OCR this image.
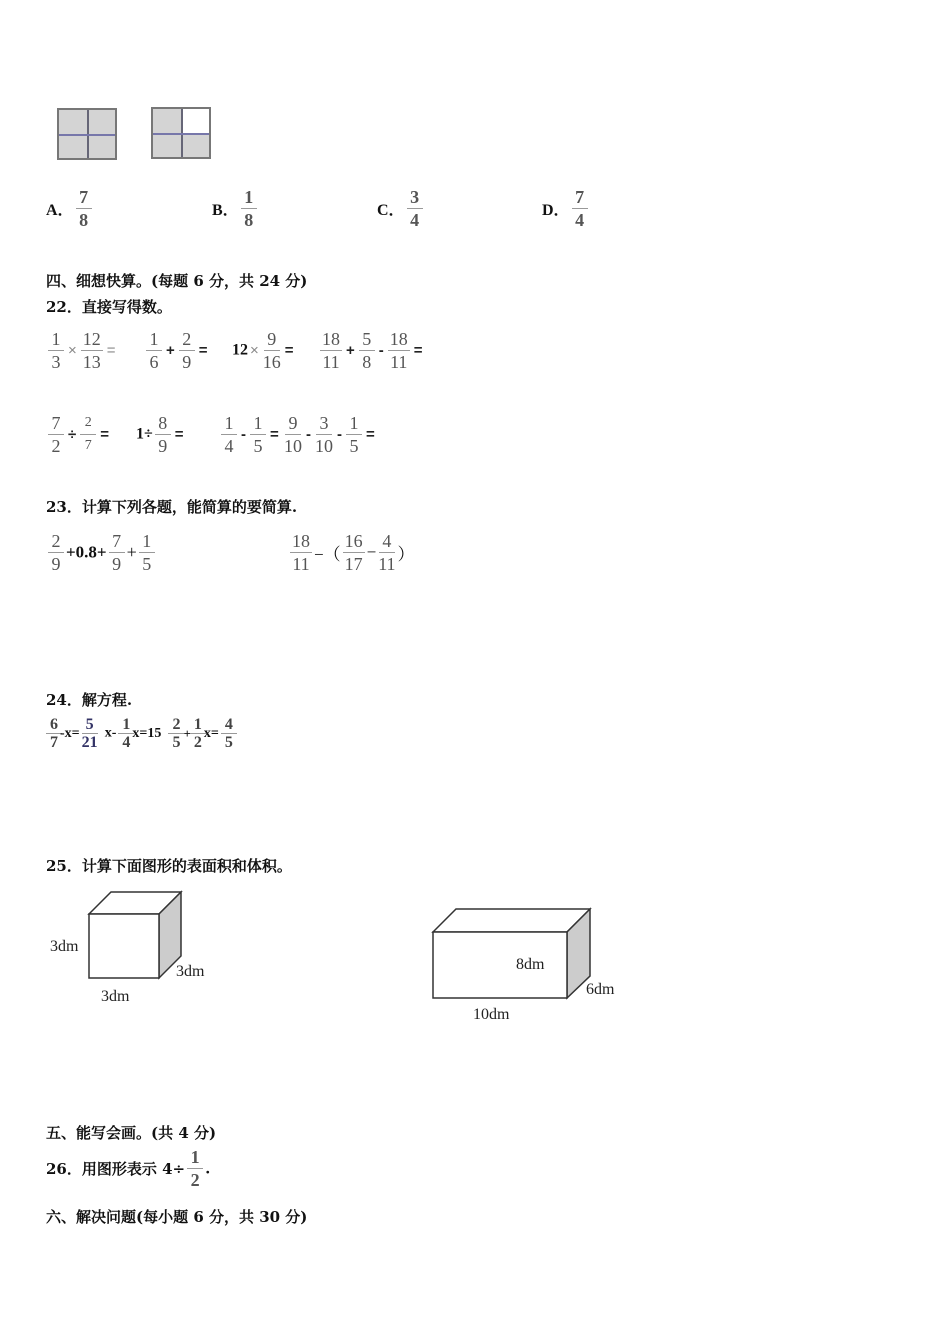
A． $\frac{7}{8}$	B． $\frac{1}{8}$	C． $\frac{3}{4}$	D． $\frac{7}{4}$
四、细想快算。(每题 6 分，共 24 分)
22．直接写得数。
$\frac{1}{3} \times \frac{12}{13} = \frac{1}{6} + \frac{2}{9} = 12 \times \frac{9}{16} = \frac{18}{11} + \frac{5}{8} - \frac{18}{11}$ =
$\frac{7}{2} \div \frac{2}{7} = 1\div \frac{8}{9} = \frac{1}{4} - \frac{1}{5} = \frac{9}{10} - \frac{3}{10} - \frac{1}{5}$ =
23．计算下列各题，能简算的要简算.
$\frac{2}{9} +0.8+ \frac{7}{9} + \frac{1}{5}$	$\frac{18}{11}$ −（ $\frac{16}{17} - \frac{4}{11}$ ）
24．解方程.
$\frac{6}{7}$
$-x= \frac{5}{21} x- \frac{1}{4}$
$x=15 \frac{2}{5} + \frac{1}{2}$
$x= \frac{4}{5}$
25．计算下面图形的表面积和体积。
3dm
3dm
3dm
8dm
6dm
10dm
五、能写会画。(共 4 分)
26．用图形表示 $4\div \frac{1}{2}$ .
六、解决问题(每小题 6 分，共 30 分)
